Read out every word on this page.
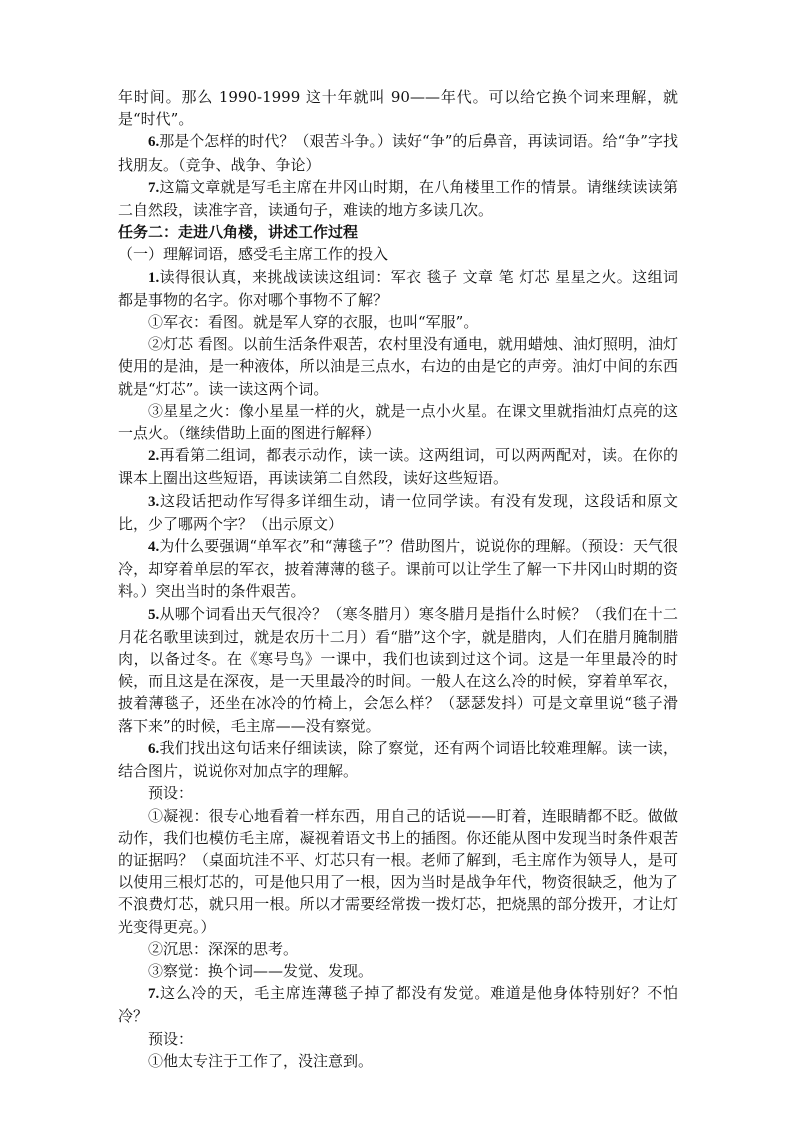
年时间。那么 1990-1999 这十年就叫 90——年代。可以给它换个词来理解，就是“时代”。

6.那是个怎样的时代？（艰苦斗争。）读好“争”的后鼻音，再读词语。给“争”字找找朋友。（竞争、战争、争论）

7.这篇文章就是写毛主席在井冈山时期，在八角楼里工作的情景。请继续读读第二自然段，读准字音，读通句子，难读的地方多读几次。

任务二：走进八角楼，讲述工作过程

（一）理解词语，感受毛主席工作的投入

1.读得很认真，来挑战读读这组词：军衣 毯子 文章 笔 灯芯 星星之火。这组词都是事物的名字。你对哪个事物不了解？

①军衣：看图。就是军人穿的衣服，也叫“军服”。

②灯芯 看图。以前生活条件艰苦，农村里没有通电，就用蜡烛、油灯照明，油灯使用的是油，是一种液体，所以油是三点水，右边的由是它的声旁。油灯中间的东西就是“灯芯”。读一读这两个词。

③星星之火：像小星星一样的火，就是一点小火星。在课文里就指油灯点亮的这一点火。（继续借助上面的图进行解释）

2.再看第二组词，都表示动作，读一读。这两组词，可以两两配对，读。在你的课本上圈出这些短语，再读读第二自然段，读好这些短语。

3.这段话把动作写得多详细生动，请一位同学读。有没有发现，这段话和原文比，少了哪两个字？（出示原文）

4.为什么要强调“单军衣”和“薄毯子”？借助图片，说说你的理解。（预设：天气很冷，却穿着单层的军衣，披着薄薄的毯子。课前可以让学生了解一下井冈山时期的资料。）突出当时的条件艰苦。

5.从哪个词看出天气很冷？（寒冬腊月）寒冬腊月是指什么时候？（我们在十二月花名歌里读到过，就是农历十二月）看“腊”这个字，就是腊肉，人们在腊月腌制腊肉，以备过冬。在《寒号鸟》一课中，我们也读到过这个词。这是一年里最冷的时候，而且这是在深夜，是一天里最冷的时间。一般人在这么冷的时候，穿着单军衣，披着薄毯子，还坐在冰冷的竹椅上，会怎么样？（瑟瑟发抖）可是文章里说“毯子滑落下来”的时候，毛主席——没有察觉。

6.我们找出这句话来仔细读读，除了察觉，还有两个词语比较难理解。读一读，结合图片，说说你对加点字的理解。

预设：

①凝视：很专心地看着一样东西，用自己的话说——盯着，连眼睛都不眨。做做动作，我们也模仿毛主席，凝视着语文书上的插图。你还能从图中发现当时条件艰苦的证据吗？（桌面坑洼不平、灯芯只有一根。老师了解到，毛主席作为领导人，是可以使用三根灯芯的，可是他只用了一根，因为当时是战争年代，物资很缺乏，他为了不浪费灯芯，就只用一根。所以才需要经常拨一拨灯芯，把烧黑的部分拨开，才让灯光变得更亮。）

②沉思：深深的思考。

③察觉：换个词——发觉、发现。

7.这么冷的天，毛主席连薄毯子掉了都没有发觉。难道是他身体特别好？不怕冷？

预设：

①他太专注于工作了，没注意到。
